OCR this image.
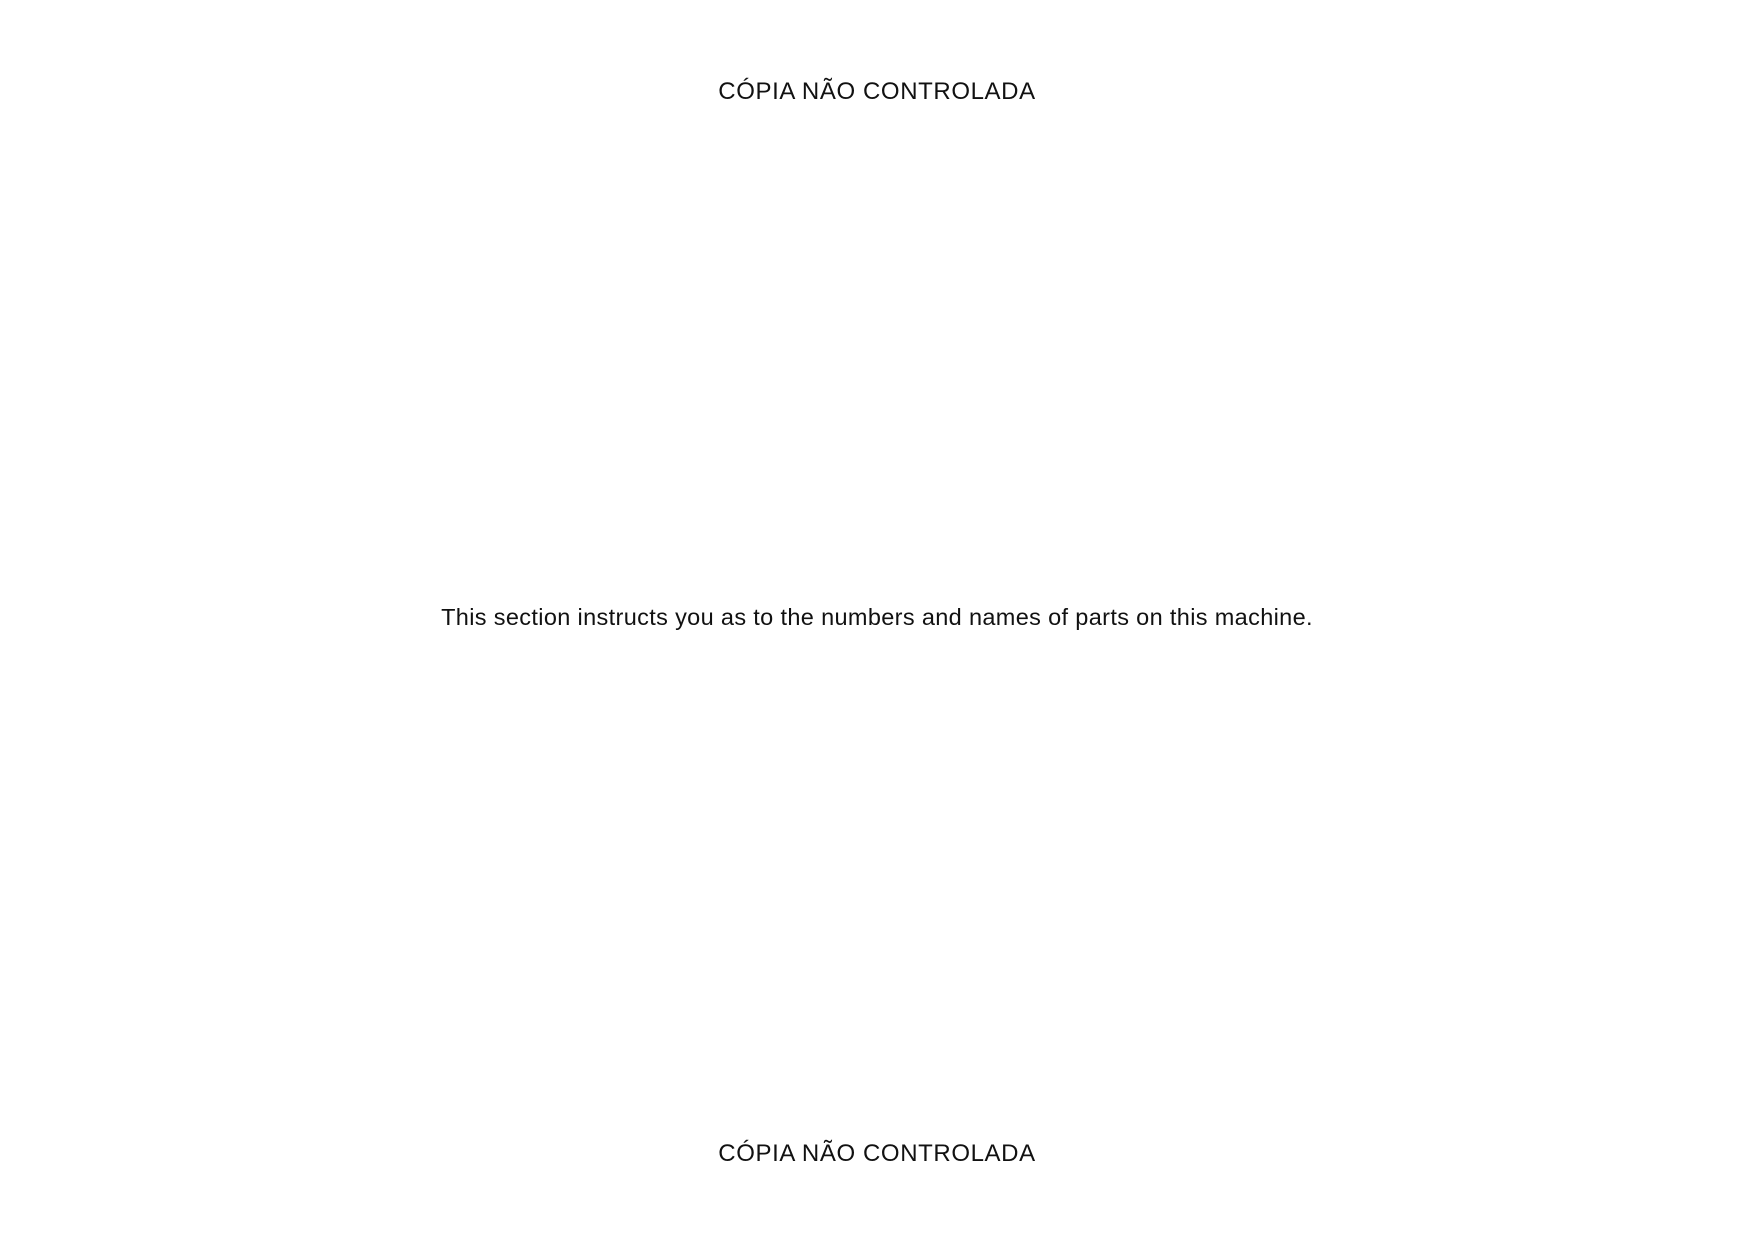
CÓPIA NÃO CONTROLADA
This section instructs you as to the numbers and names of parts on this machine.
CÓPIA NÃO CONTROLADA
